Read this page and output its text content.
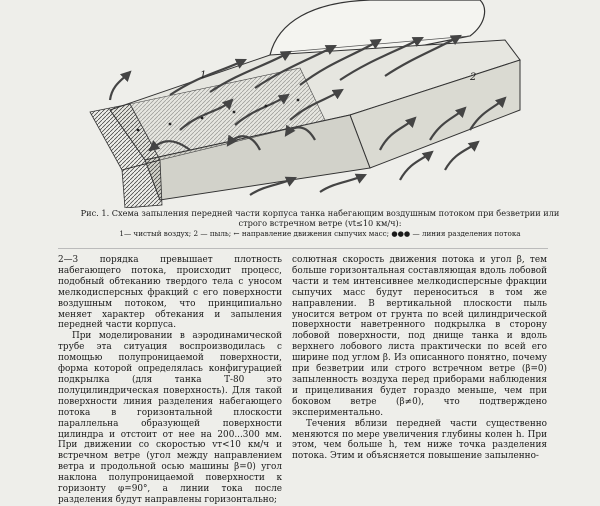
1	2
Рис. 1. Схема запыления передней части корпуса танка набегающим воздушным потоком при безветрии или строго встречном ветре (vt≤10 км/ч):
1— чистый воздух; 2 — пыль; ← направление движения сыпучих масс; ●●● — линия разделения потока

2—3 порядка превышает плотность набегающего потока, происходит процесс, подобный обтеканию твердого тела с уносом мелкодисперсных фракций с его поверхности воздушным потоком, что принципиально меняет характер обтекания и запыления передней части корпуса.

При моделировании в аэродинамической трубе эта ситуация воспроизводилась с помощью полупроницаемой поверхности, форма которой определялась конфигурацией подкрылка (для танка Т-80 это полуцилиндрическая поверхность). Для такой поверхности линия разделения набегающего потока в горизонтальной плоскости параллельна образующей поверхности цилиндра и отстоит от нее на 200...300 мм. При движении со скоростью vт<10 км/ч и встречном ветре (угол между направлением ветра и продольной осью машины β=0) угол наклона полупроницаемой поверхности к горизонту φ=90°, а линии тока после разделения будут направлены горизонтально;

солютная скорость движения потока и угол β, тем больше горизонтальная составляющая вдоль лобовой части и тем интенсивнее мелкодисперсные фракции сыпучих масс будут переноситься в том же направлении. В вертикальной плоскости пыль уносится ветром от грунта по всей цилиндрической поверхности наветренного подкрылка в сторону лобовой поверхности, под днище танка и вдоль верхнего лобового листа практически по всей его ширине под углом β. Из описанного понятно, почему при безветрии или строго встречном ветре (β=0) запыленность воздуха перед приборами наблюдения и прицеливания будет гораздо меньше, чем при боковом ветре (β≠0), что подтверждено экспериментально.

Течения вблизи передней части существенно меняются по мере увеличения глубины колен h. При этом, чем больше h, тем ниже точка разделения потока. Этим и объясняется повышение запыленно-
